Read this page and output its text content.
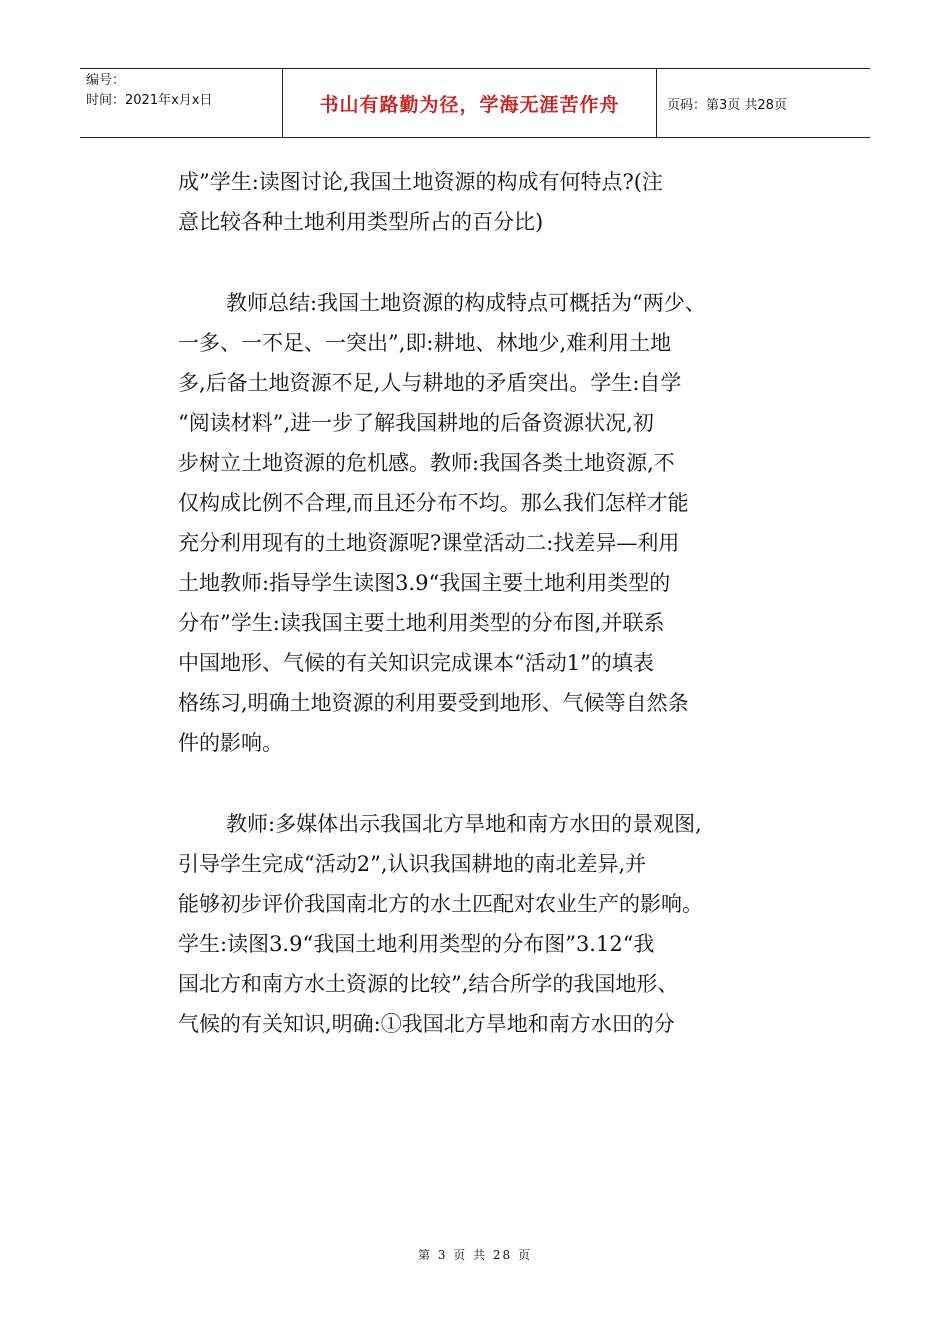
编号：
时间：2021年x月x日	书山有路勤为径，学海无涯苦作舟	页码：第3页 共28页
成”学生:读图讨论,我国土地资源的构成有何特点?(注
意比较各种土地利用类型所占的百分比)
教师总结:我国土地资源的构成特点可概括为“两少、
一多、一不足、一突出”,即:耕地、林地少,难利用土地
多,后备土地资源不足,人与耕地的矛盾突出。学生:自学
“阅读材料”,进一步了解我国耕地的后备资源状况,初
步树立土地资源的危机感。教师:我国各类土地资源,不
仅构成比例不合理,而且还分布不均。那么我们怎样才能
充分利用现有的土地资源呢?课堂活动二:找差异—利用
土地教师:指导学生读图3.9“我国主要土地利用类型的
分布”学生:读我国主要土地利用类型的分布图,并联系
中国地形、气候的有关知识完成课本“活动1”的填表
格练习,明确土地资源的利用要受到地形、气候等自然条
件的影响。
教师:多媒体出示我国北方旱地和南方水田的景观图,
引导学生完成“活动2”,认识我国耕地的南北差异,并
能够初步评价我国南北方的水土匹配对农业生产的影响。
学生:读图3.9“我国土地利用类型的分布图”3.12“我
国北方和南方水土资源的比较”,结合所学的我国地形、
气候的有关知识,明确:①我国北方旱地和南方水田的分
第 3 页 共 28 页
